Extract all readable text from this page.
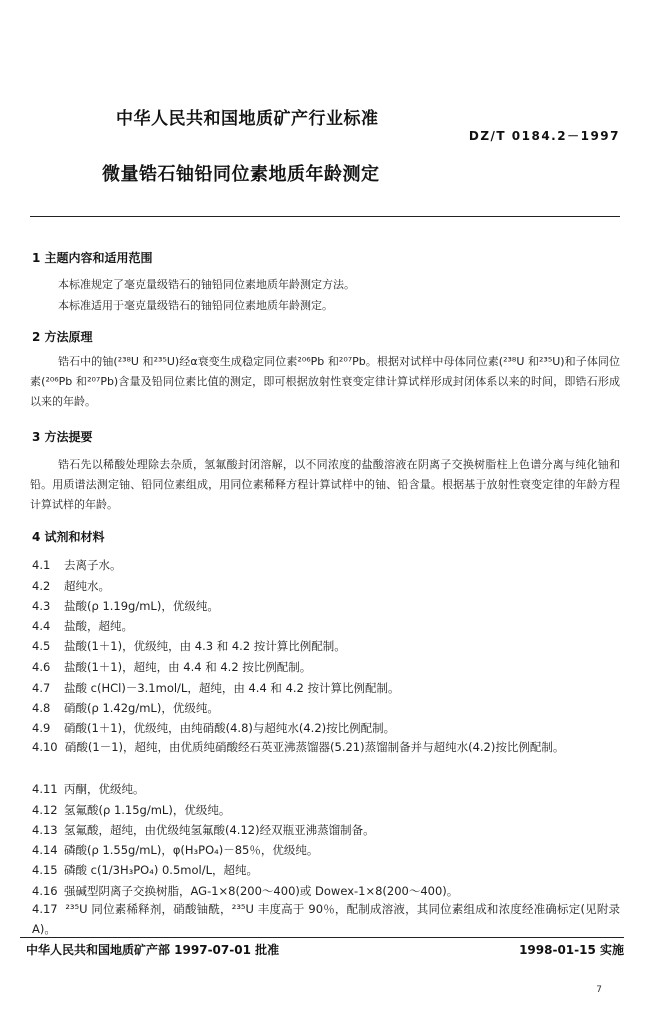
中华人民共和国地质矿产行业标准
DZ/T 0184.2－1997
微量锆石铀铅同位素地质年龄测定
1 主题内容和适用范围
本标准规定了毫克量级锆石的铀铅同位素地质年龄测定方法。
本标准适用于毫克量级锆石的铀铅同位素地质年龄测定。
2 方法原理
锆石中的铀(²³⁸U 和²³⁵U)经α衰变生成稳定同位素²⁰⁶Pb 和²⁰⁷Pb。根据对试样中母体同位素(²³⁸U 和²³⁵U)和子体同位素(²⁰⁶Pb 和²⁰⁷Pb)含量及铅同位素比值的测定，即可根据放射性衰变定律计算试样形成封闭体系以来的时间，即锆石形成以来的年龄。
3 方法提要
锆石先以稀酸处理除去杂质，氢氟酸封闭溶解，以不同浓度的盐酸溶液在阴离子交换树脂柱上色谱分离与纯化铀和铅。用质谱法测定铀、铅同位素组成，用同位素稀释方程计算试样中的铀、铅含量。根据基于放射性衰变定律的年龄方程计算试样的年龄。
4 试剂和材料
4.1 去离子水。
4.2 超纯水。
4.3 盐酸(ρ 1.19g/mL)，优级纯。
4.4 盐酸，超纯。
4.5 盐酸(1＋1)，优级纯，由 4.3 和 4.2 按计算比例配制。
4.6 盐酸(1＋1)，超纯，由 4.4 和 4.2 按比例配制。
4.7 盐酸 c(HCl)－3.1mol/L，超纯，由 4.4 和 4.2 按计算比例配制。
4.8 硝酸(ρ 1.42g/mL)，优级纯。
4.9 硝酸(1＋1)，优级纯，由纯硝酸(4.8)与超纯水(4.2)按比例配制。
4.10 硝酸(1－1)，超纯，由优质纯硝酸经石英亚沸蒸馏器(5.21)蒸馏制备并与超纯水(4.2)按比例配制。
4.11 丙酮，优级纯。
4.12 氢氟酸(ρ 1.15g/mL)，优级纯。
4.13 氢氟酸，超纯，由优级纯氢氟酸(4.12)经双瓶亚沸蒸馏制备。
4.14 磷酸(ρ 1.55g/mL)，φ(H₃PO₄)－85％，优级纯。
4.15 磷酸 c(1/3H₃PO₄) 0.5mol/L，超纯。
4.16 强碱型阴离子交换树脂，AG-1×8(200～400)或 Dowex-1×8(200～400)。
4.17 ²³⁵U 同位素稀释剂，硝酸铀酰，²³⁵U 丰度高于 90％，配制成溶液，其同位素组成和浓度经准确标定(见附录 A)。
中华人民共和国地质矿产部 1997-07-01 批准	1998-01-15 实施
7
